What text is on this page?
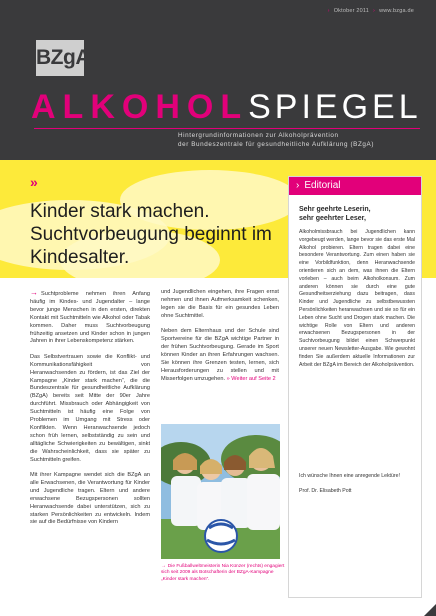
› Oktober 2011 › www.bzga.de
BZgA
ALKOHOLSPIEGEL
Hintergrundinformationen zur Alkoholprävention
der Bundeszentrale für gesundheitliche Aufklärung (BZgA)
»
Kinder stark machen.
Suchtvorbeugung beginnt im Kindesalter.
› Editorial
Sehr geehrte Leserin,
sehr geehrter Leser,
Alkoholmissbrauch bei Jugendlichen kann vorgebeugt werden, lange bevor sie das erste Mal Alkohol probieren. Eltern tragen dabei eine besondere Verantwortung. Zum einen haben sie eine Vorbildfunktion, denn Heranwachsende orientieren sich an dem, was ihnen die Eltern vorleben – auch beim Alkoholkonsum. Zum anderen können sie durch eine gute Gesundheitserziehung dazu beitragen, dass Kinder und Jugendliche zu selbstbewussten Persönlichkeiten heranwachsen und sie so für ein Leben ohne Sucht und Drogen stark machen. Die wichtige Rolle von Eltern und anderen erwachsenen Bezugspersonen in der Suchtvorbeugung bildet einen Schwerpunkt unserer neuen Newsletter-Ausgabe. Wie gewohnt finden Sie außerdem aktuelle Informationen zur Arbeit der BZgA im Bereich der Alkoholprävention.
Ich wünsche Ihnen eine anregende Lektüre!
Prof. Dr. Elisabeth Pott

→ Suchtprobleme nehmen ihren Anfang häufig im Kindes- und Jugendalter – lange bevor junge Menschen in den ersten, direkten Kontakt mit Suchtmitteln wie Alkohol oder Tabak kommen. Daher muss Suchtvorbeugung frühzeitig ansetzen und Kinder schon in jungen Jahren in ihrer Lebenskompetenz stärken.

Das Selbstvertrauen sowie die Konflikt- und Kommunikationsfähigkeit von Heranwachsenden zu fördern, ist das Ziel der Kampagne „Kinder stark machen“, die die Bundeszentrale für gesundheitliche Aufklärung (BZgA) bereits seit Mitte der 90er Jahre durchführt. Missbrauch oder Abhängigkeit von Suchtmitteln ist häufig eine Folge von Problemen im Umgang mit Stress oder Konflikten. Wenn Heranwachsende jedoch schon früh lernen, selbstständig zu sein und alltägliche Schwierigkeiten zu bewältigen, sinkt die Wahrscheinlichkeit, dass sie später zu Suchtmitteln greifen.

Mit ihrer Kampagne wendet sich die BZgA an alle Erwachsenen, die Verantwortung für Kinder und Jugendliche tragen. Eltern und andere erwachsene Bezugspersonen sollten Heranwachsende dabei unterstützen, sich zu starken Persönlichkeiten zu entwickeln. Indem sie auf die Bedürfnisse von Kindern

und Jugendlichen eingehen, ihre Fragen ernst nehmen und ihnen Aufmerksamkeit schenken, legen sie die Basis für ein gesundes Leben ohne Suchtmittel.

Neben dem Elternhaus und der Schule sind Sportvereine für die BZgA wichtige Partner in der frühen Suchtvorbeugung. Gerade im Sport können Kinder an ihren Erfahrungen wachsen. Sie können ihre Grenzen testen, lernen, sich Herausforderungen zu stellen und mit Misserfolgen umzugehen. » Weiter auf Seite 2

→ Die Fußballweltmeisterin Nia Künzer (rechts) engagiert sich seit 2009 als Botschafterin der BZgA-Kampagne „Kinder stark machen“.
